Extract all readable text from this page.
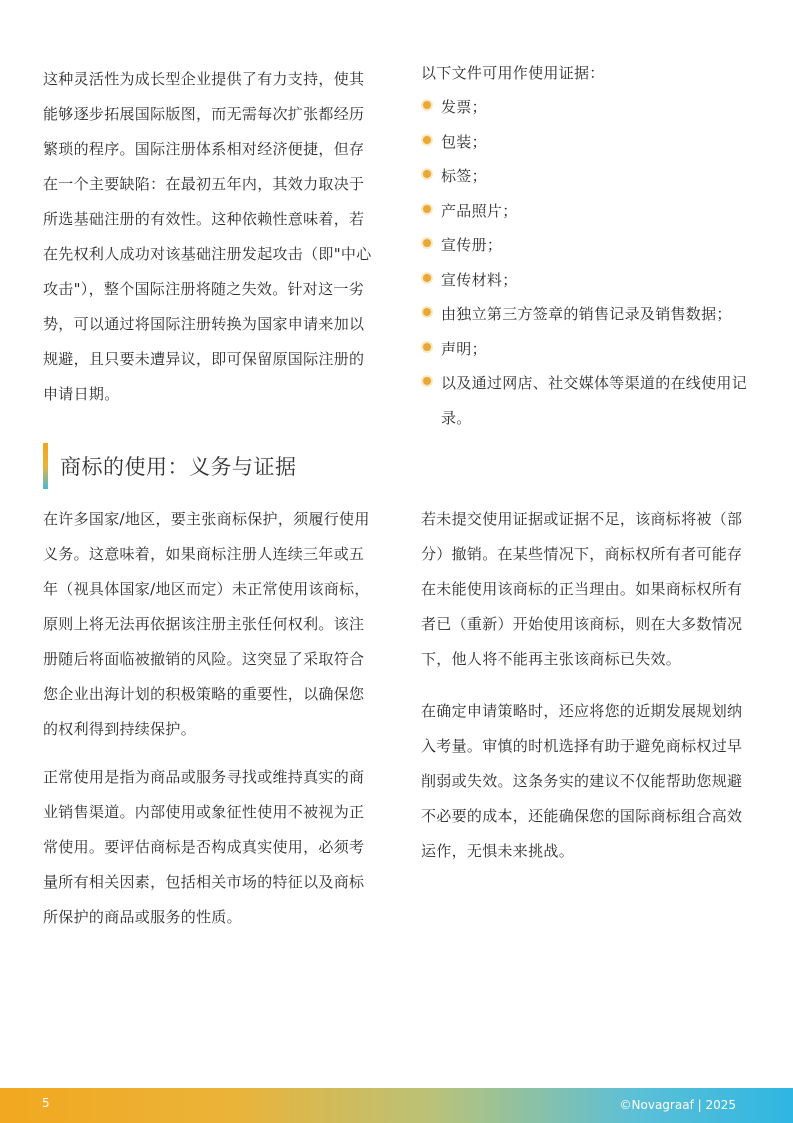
这种灵活性为成长型企业提供了有力支持，使其能够逐步拓展国际版图，而无需每次扩张都经历繁琐的程序。国际注册体系相对经济便捷，但存在一个主要缺陷：在最初五年内，其效力取决于所选基础注册的有效性。这种依赖性意味着，若在先权利人成功对该基础注册发起攻击（即"中心攻击"），整个国际注册将随之失效。针对这一劣势，可以通过将国际注册转换为国家申请来加以规避，且只要未遭异议，即可保留原国际注册的申请日期。

商标的使用：义务与证据

在许多国家/地区，要主张商标保护，须履行使用义务。这意味着，如果商标注册人连续三年或五年（视具体国家/地区而定）未正常使用该商标，原则上将无法再依据该注册主张任何权利。该注册随后将面临被撤销的风险。这突显了采取符合您企业出海计划的积极策略的重要性，以确保您的权利得到持续保护。

正常使用是指为商品或服务寻找或维持真实的商业销售渠道。内部使用或象征性使用不被视为正常使用。要评估商标是否构成真实使用，必须考量所有相关因素，包括相关市场的特征以及商标所保护的商品或服务的性质。

以下文件可用作使用证据：

发票；
包装；
标签；
产品照片；
宣传册；
宣传材料；
由独立第三方签章的销售记录及销售数据；
声明；
以及通过网店、社交媒体等渠道的在线使用记录。

若未提交使用证据或证据不足，该商标将被（部分）撤销。在某些情况下，商标权所有者可能存在未能使用该商标的正当理由。如果商标权所有者已（重新）开始使用该商标，则在大多数情况下，他人将不能再主张该商标已失效。

在确定申请策略时，还应将您的近期发展规划纳入考量。审慎的时机选择有助于避免商标权过早削弱或失效。这条务实的建议不仅能帮助您规避不必要的成本，还能确保您的国际商标组合高效运作，无惧未来挑战。

5	©Novagraaf | 2025
